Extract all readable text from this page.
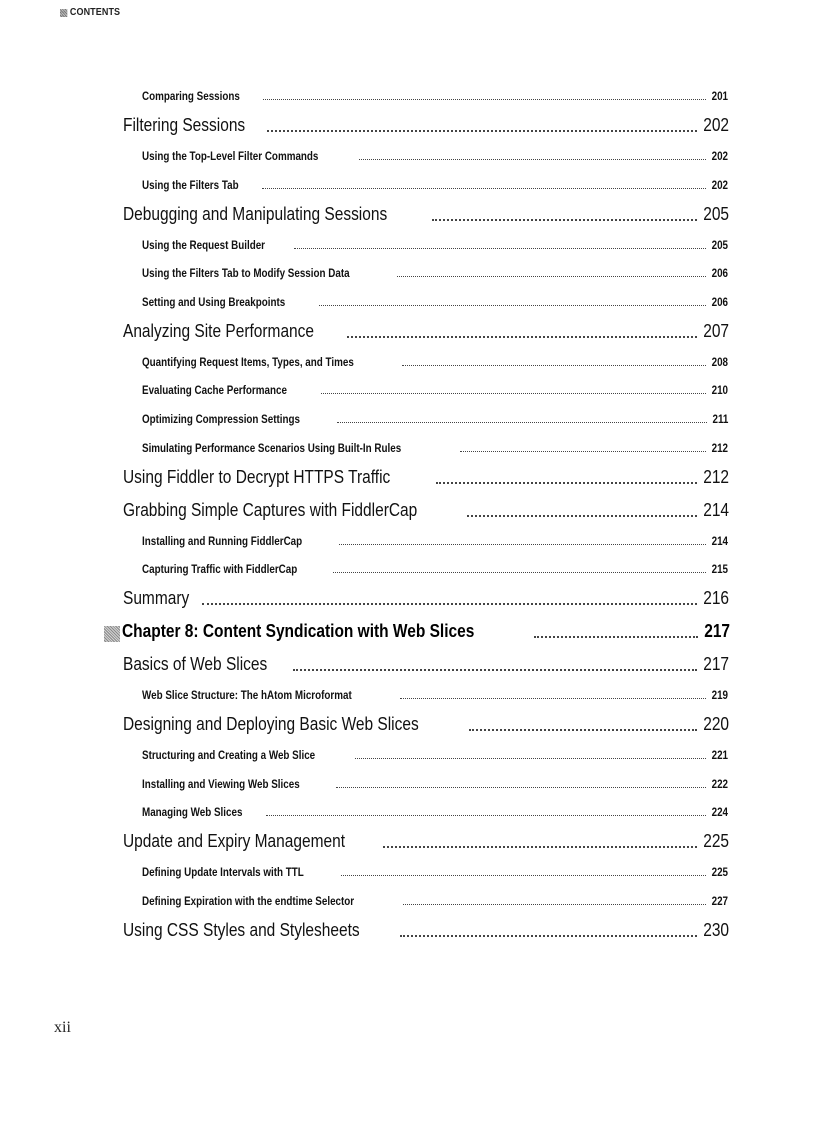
CONTENTS
Comparing Sessions	201
Filtering Sessions	202
Using the Top-Level Filter Commands	202
Using the Filters Tab	202
Debugging and Manipulating Sessions	205
Using the Request Builder	205
Using the Filters Tab to Modify Session Data	206
Setting and Using Breakpoints	206
Analyzing Site Performance	207
Quantifying Request Items, Types, and Times	208
Evaluating Cache Performance	210
Optimizing Compression Settings	211
Simulating Performance Scenarios Using Built-In Rules	212
Using Fiddler to Decrypt HTTPS Traffic	212
Grabbing Simple Captures with FiddlerCap	214
Installing and Running FiddlerCap	214
Capturing Traffic with FiddlerCap	215
Summary	216
Chapter 8: Content Syndication with Web Slices	217
Basics of Web Slices	217
Web Slice Structure: The hAtom Microformat	219
Designing and Deploying Basic Web Slices	220
Structuring and Creating a Web Slice	221
Installing and Viewing Web Slices	222
Managing Web Slices	224
Update and Expiry Management	225
Defining Update Intervals with TTL	225
Defining Expiration with the endtime Selector	227
Using CSS Styles and Stylesheets	230
xii
